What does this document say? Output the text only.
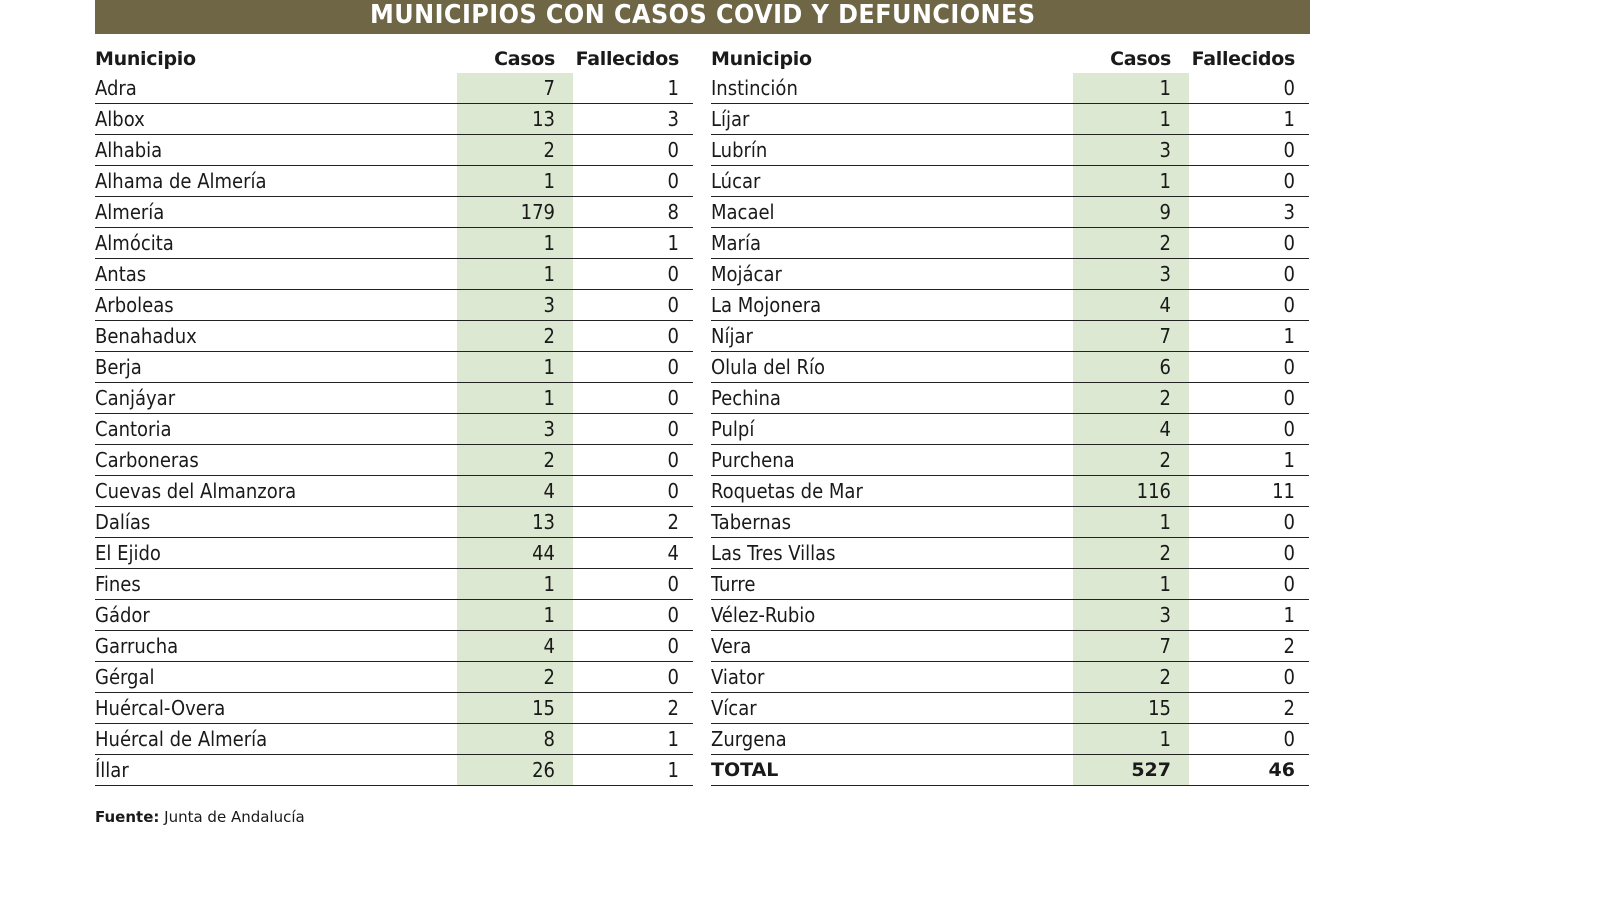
MUNICIPIOS CON CASOS COVID Y DEFUNCIONES
Municipio	Casos	Fallecidos
Adra	7	1
Albox	13	3
Alhabia	2	0
Alhama de Almería	1	0
Almería	179	8
Almócita	1	1
Antas	1	0
Arboleas	3	0
Benahadux	2	0
Berja	1	0
Canjáyar	1	0
Cantoria	3	0
Carboneras	2	0
Cuevas del Almanzora	4	0
Dalías	13	2
El Ejido	44	4
Fines	1	0
Gádor	1	0
Garrucha	4	0
Gérgal	2	0
Huércal-Overa	15	2
Huércal de Almería	8	1
Íllar	26	1
Municipio	Casos	Fallecidos
Instinción	1	0
Líjar	1	1
Lubrín	3	0
Lúcar	1	0
Macael	9	3
María	2	0
Mojácar	3	0
La Mojonera	4	0
Níjar	7	1
Olula del Río	6	0
Pechina	2	0
Pulpí	4	0
Purchena	2	1
Roquetas de Mar	116	11
Tabernas	1	0
Las Tres Villas	2	0
Turre	1	0
Vélez-Rubio	3	1
Vera	7	2
Viator	2	0
Vícar	15	2
Zurgena	1	0
TOTAL	527	46
Fuente: Junta de Andalucía
